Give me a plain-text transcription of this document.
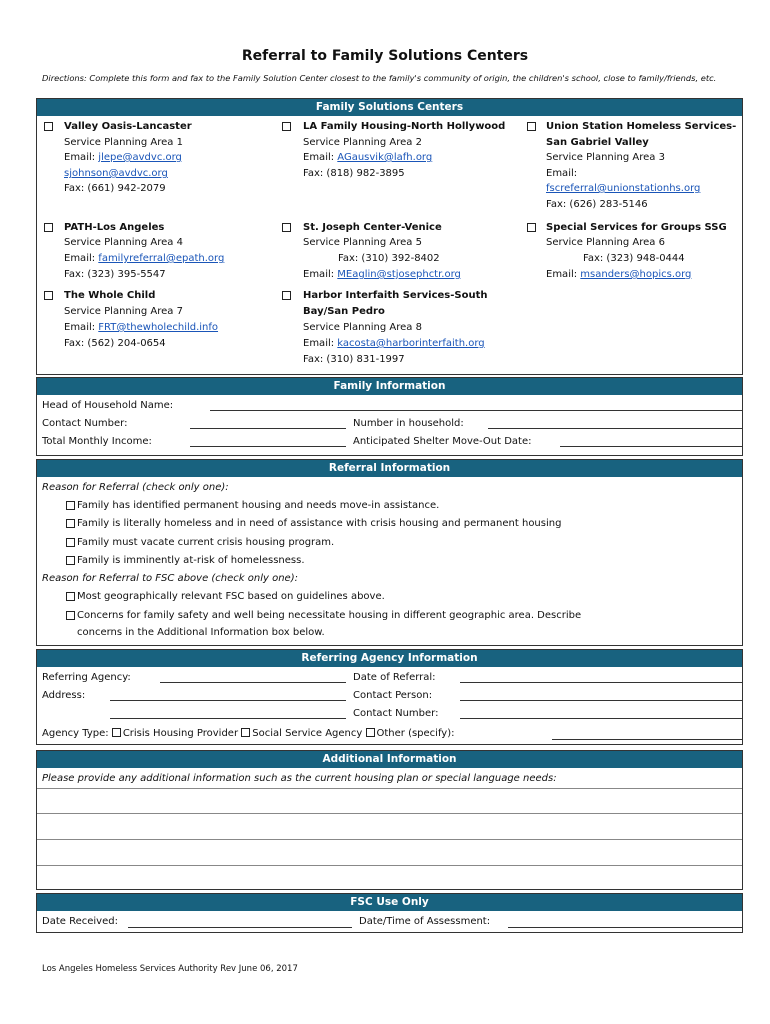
Referral to Family Solutions Centers
Directions: Complete this form and fax to the Family Solution Center closest to the family's community of origin, the children's school, close to family/friends, etc.
Family Solutions Centers
Valley Oasis-Lancaster
Service Planning Area 1
Email: jlepe@avdvc.org
sjohnson@avdvc.org
Fax: (661) 942-2079
LA Family Housing-North Hollywood
Service Planning Area 2
Email: AGausvik@lafh.org
Fax: (818) 982-3895
Union Station Homeless Services-
San Gabriel Valley
Service Planning Area 3
Email:
fscreferral@unionstationhs.org
Fax: (626) 283-5146
PATH-Los Angeles
Service Planning Area 4
Email: familyreferral@epath.org
Fax: (323) 395-5547
St. Joseph Center-Venice
Service Planning Area 5
Fax: (310) 392-8402
Email: MEaglin@stjosephctr.org
Special Services for Groups SSG
Service Planning Area 6
Fax: (323) 948-0444
Email: msanders@hopics.org
The Whole Child
Service Planning Area 7
Email: FRT@thewholechild.info
Fax: (562) 204-0654
Harbor Interfaith Services-South
Bay/San Pedro
Service Planning Area 8
Email: kacosta@harborinterfaith.org
Fax: (310) 831-1997
Family Information
Head of Household Name:
Contact Number:	Number in household:
Total Monthly Income:	Anticipated Shelter Move-Out Date:
Referral Information
Reason for Referral (check only one):
Family has identified permanent housing and needs move-in assistance.
Family is literally homeless and in need of assistance with crisis housing and permanent housing
Family must vacate current crisis housing program.
Family is imminently at-risk of homelessness.
Reason for Referral to FSC above (check only one):
Most geographically relevant FSC based on guidelines above.
Concerns for family safety and well being necessitate housing in different geographic area. Describe
concerns in the Additional Information box below.
Referring Agency Information
Referring Agency:	Date of Referral:
Address:	Contact Person:
Contact Number:
Agency Type: Crisis Housing Provider Social Service Agency Other (specify):
Additional Information
Please provide any additional information such as the current housing plan or special language needs:
FSC Use Only
Date Received:	Date/Time of Assessment:
Los Angeles Homeless Services Authority Rev June 06, 2017
